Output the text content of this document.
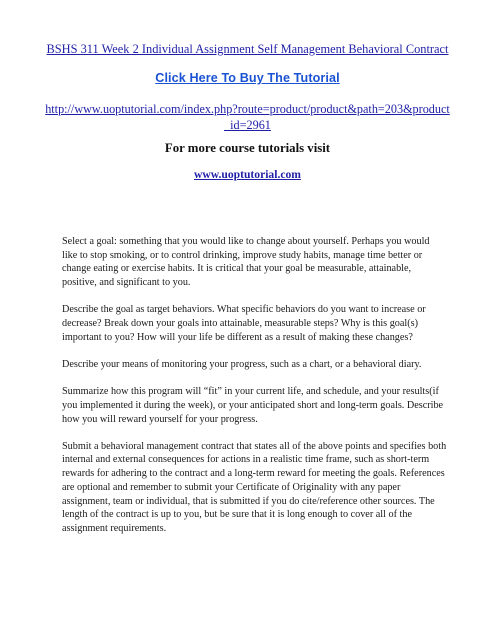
BSHS 311 Week 2 Individual Assignment Self Management Behavioral Contract
Click Here To Buy The Tutorial
http://www.uoptutorial.com/index.php?route=product/product&path=203&product
_id=2961
For more course tutorials visit
www.uoptutorial.com

Select a goal: something that you would like to change about yourself. Perhaps you would like to stop smoking, or to control drinking, improve study habits, manage time better or change eating or exercise habits. It is critical that your goal be measurable, attainable, positive, and significant to you.

Describe the goal as target behaviors. What specific behaviors do you want to increase or decrease? Break down your goals into attainable, measurable steps? Why is this goal(s) important to you? How will your life be different as a result of making these changes?

Describe your means of monitoring your progress, such as a chart, or a behavioral diary.

Summarize how this program will “fit” in your current life, and schedule, and your results(if you implemented it during the week), or your anticipated short and long-term goals. Describe how you will reward yourself for your progress.

Submit a behavioral management contract that states all of the above points and specifies both internal and external consequences for actions in a realistic time frame, such as short-term rewards for adhering to the contract and a long-term reward for meeting the goals. References are optional and remember to submit your Certificate of Originality with any paper assignment, team or individual, that is submitted if you do cite/reference other sources. The length of the contract is up to you, but be sure that it is long enough to cover all of the assignment requirements.
